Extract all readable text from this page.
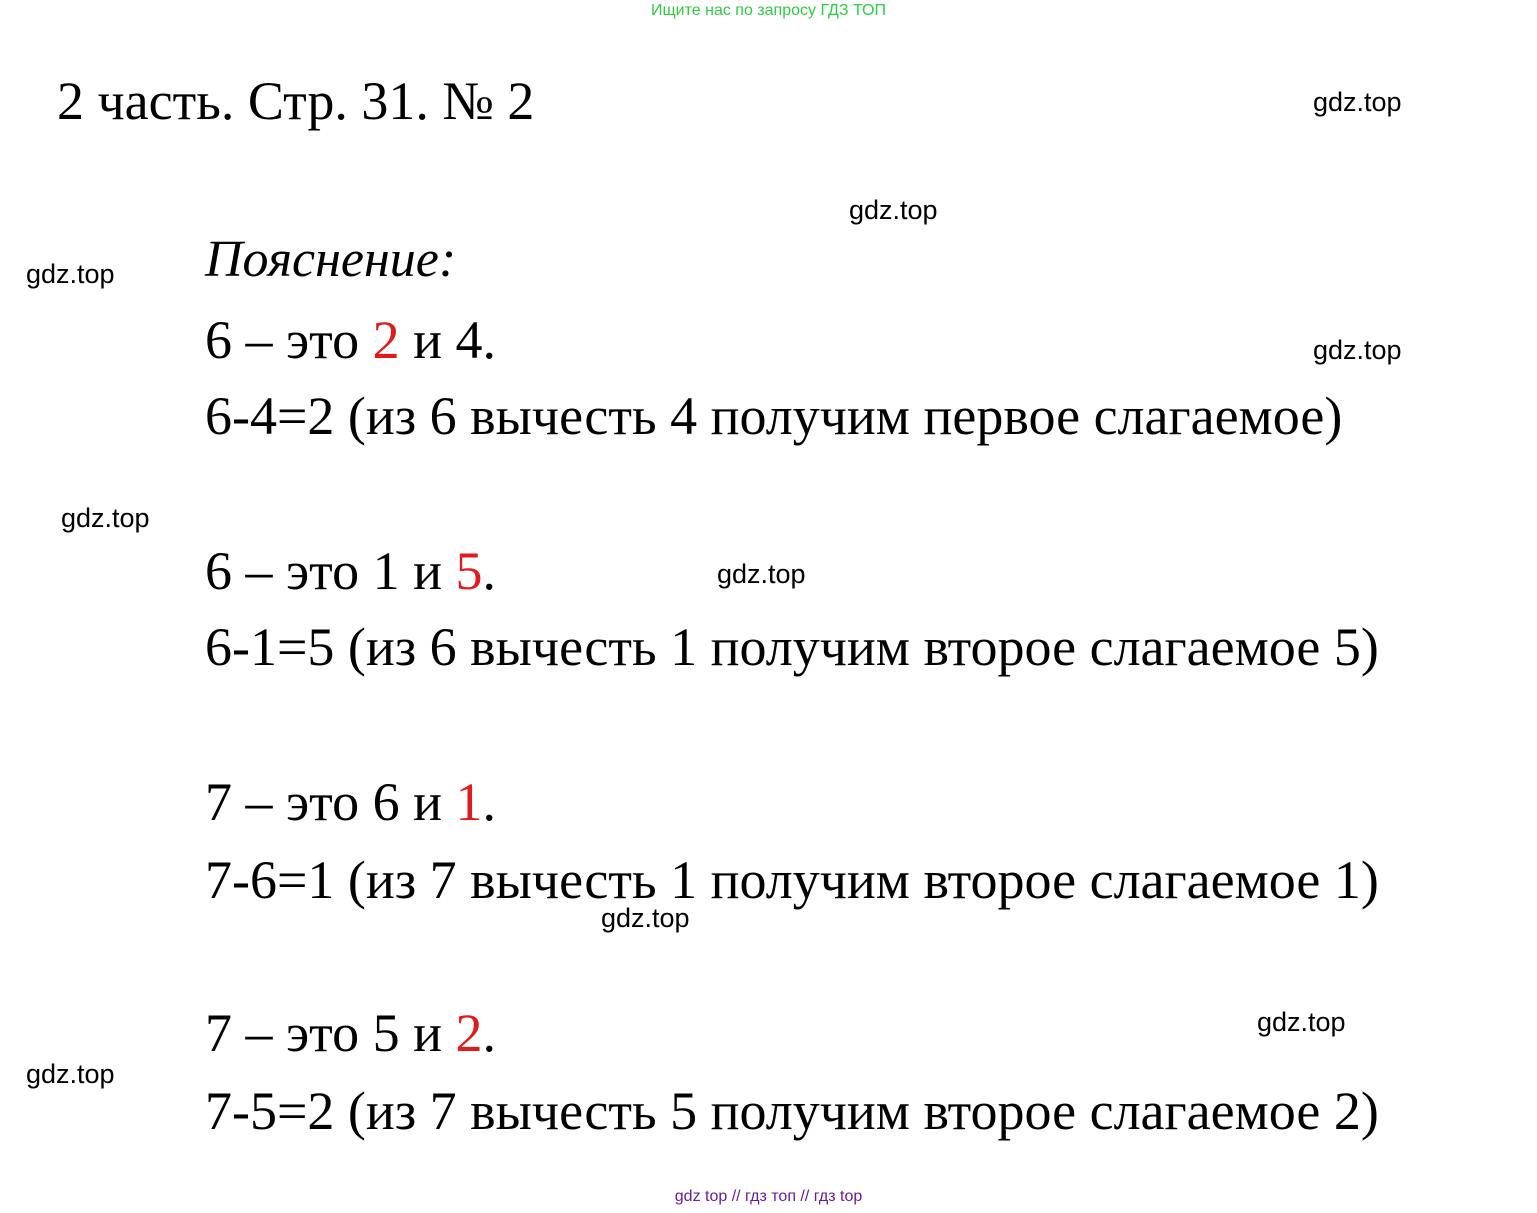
Ищите нас по запросу ГДЗ ТОП
2 часть. Стр. 31. № 2
Пояснение:
6 – это 2 и 4.
6-4=2 (из 6 вычесть 4 получим первое слагаемое)
6 – это 1 и 5.
6-1=5 (из 6 вычесть 1 получим второе слагаемое 5)
7 – это 6 и 1.
7-6=1 (из 7 вычесть 1 получим второе слагаемое 1)
7 – это 5 и 2.
7-5=2 (из 7 вычесть 5 получим второе слагаемое 2)
gdz.top
gdz.top
gdz.top
gdz.top
gdz.top
gdz.top
gdz.top
gdz.top
gdz.top
gdz top // гдз топ // гдз top
